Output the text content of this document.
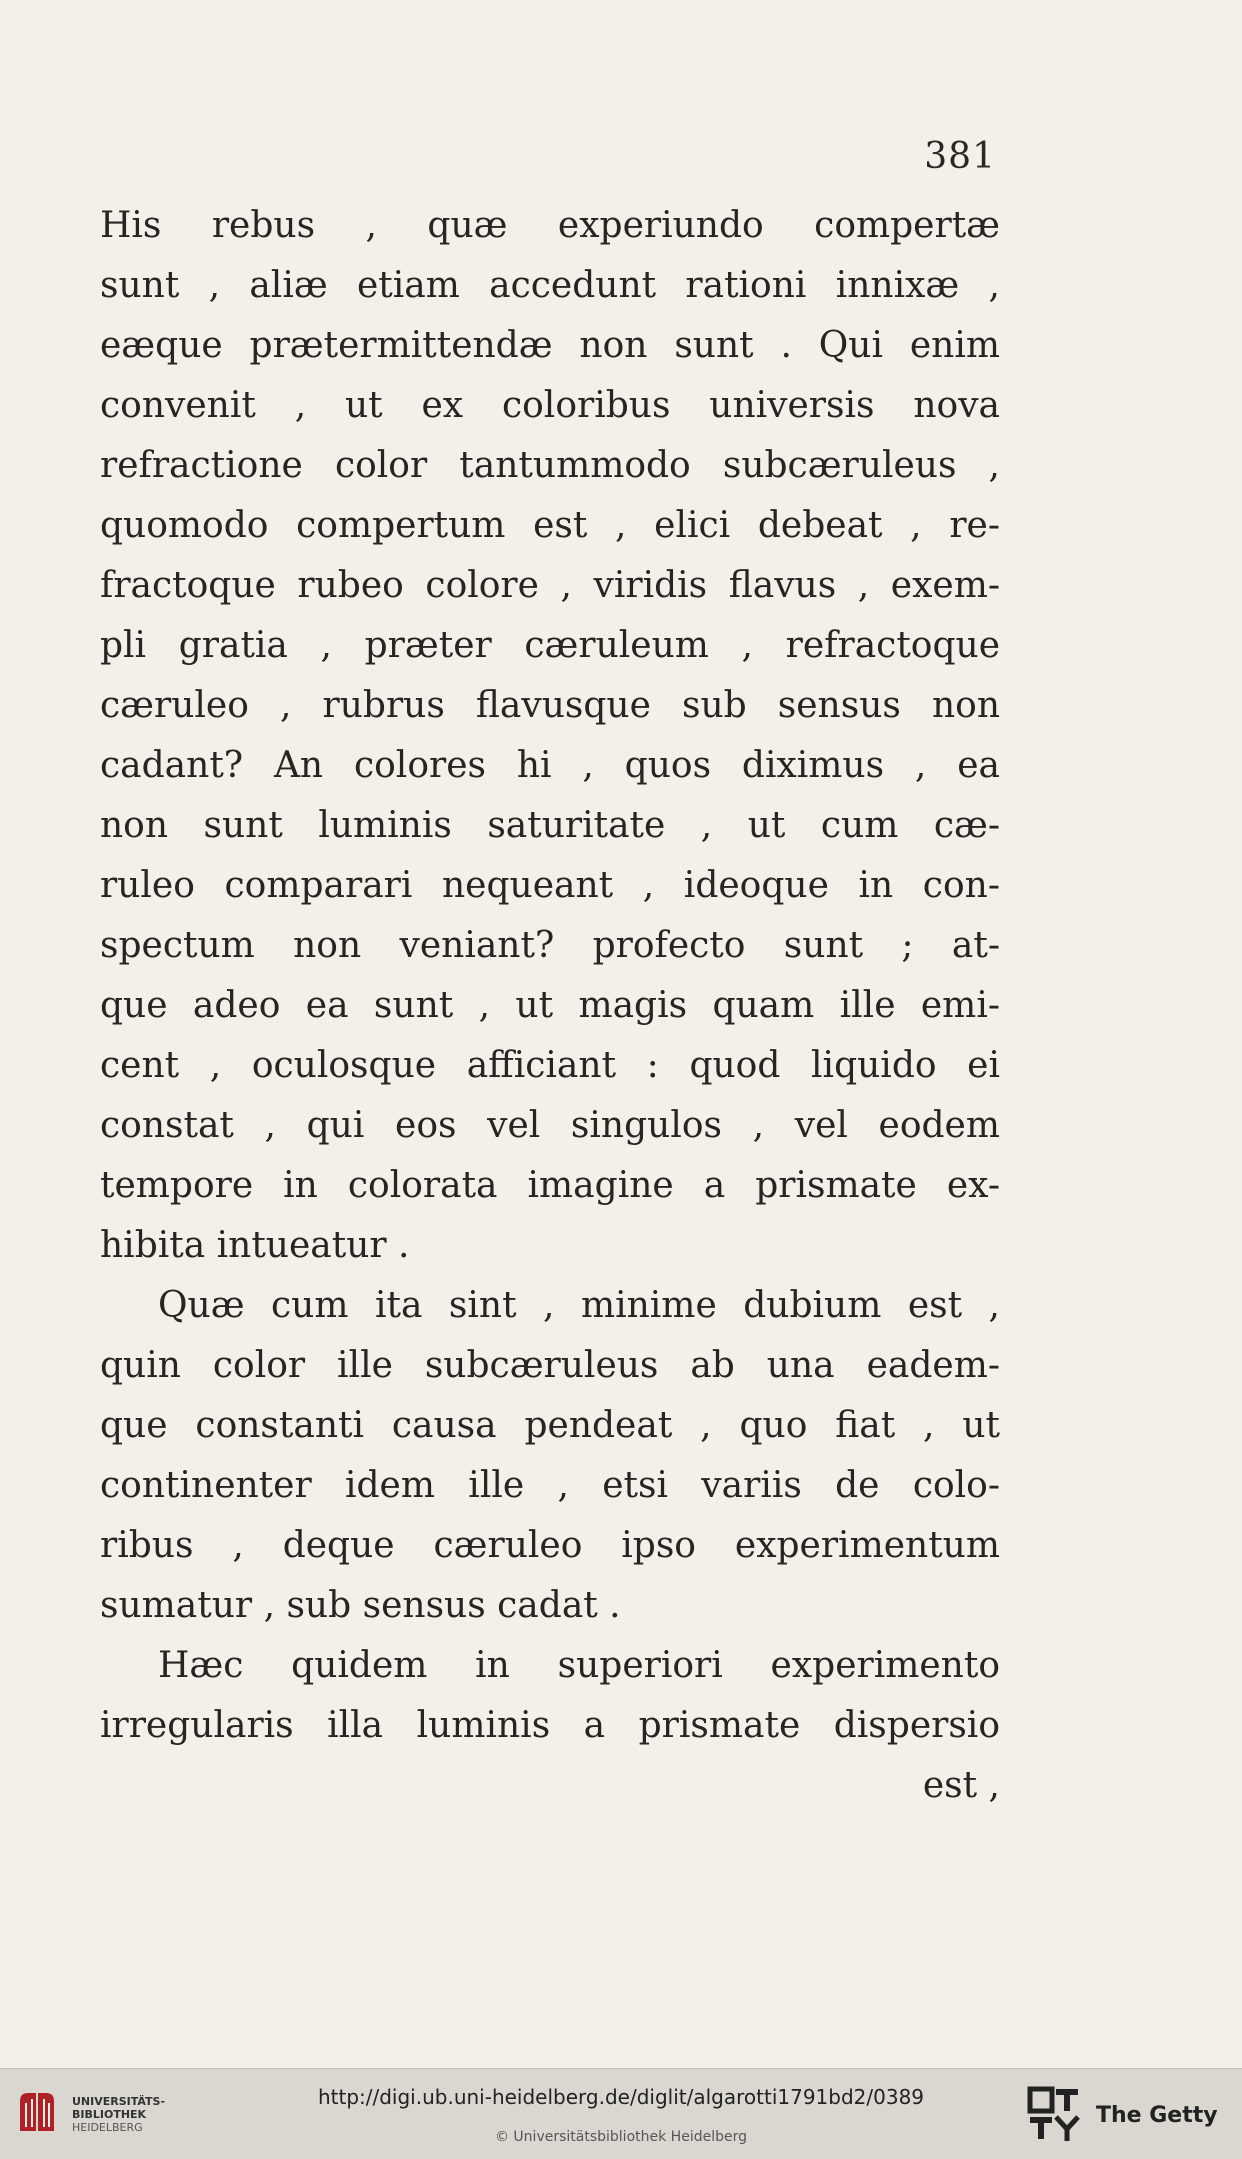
381
His rebus , quæ experiundo compertæ
sunt , aliæ etiam accedunt rationi innixæ ,
eæque prætermittendæ non sunt . Qui enim
convenit , ut ex coloribus universis nova
refractione color tantummodo subcæruleus ,
quomodo compertum est , elici debeat , re-
fractoque rubeo colore , viridis flavus , exem-
pli gratia , præter cæruleum , refractoque
cæruleo , rubrus flavusque sub sensus non
cadant? An colores hi , quos diximus , ea
non sunt luminis saturitate , ut cum cæ-
ruleo comparari nequeant , ideoque in con-
spectum non veniant? profecto sunt ; at-
que adeo ea sunt , ut magis quam ille emi-
cent , oculosque afficiant : quod liquido ei
constat , qui eos vel singulos , vel eodem
tempore in colorata imagine a prismate ex-
hibita intueatur .
Quæ cum ita sint , minime dubium est ,
quin color ille subcæruleus ab una eadem-
que constanti causa pendeat , quo fiat , ut
continenter idem ille , etsi variis de colo-
ribus , deque cæruleo ipso experimentum
sumatur , sub sensus cadat .
Hæc quidem in superiori experimento
irregularis illa luminis a prismate dispersio
est ,
UNIVERSITÄTS-
BIBLIOTHEK
HEIDELBERG
http://digi.ub.uni-heidelberg.de/diglit/algarotti1791bd2/0389
© Universitätsbibliothek Heidelberg
The Getty
